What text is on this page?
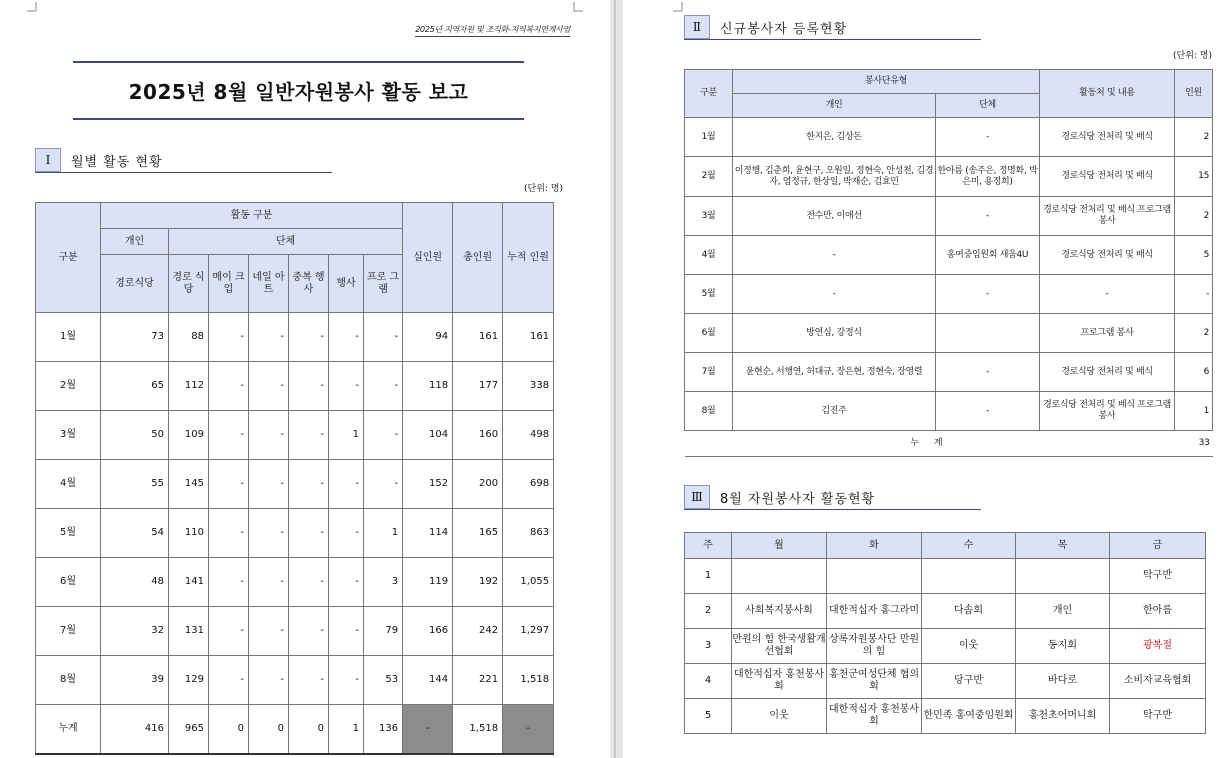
2025년 지역자원 및 조직화-지역복지연계사업
2025년 8월 일반자원봉사 활동 보고
Ⅰ	월별 활동 현황
(단위: 명)
구분	활동 구분							실인원	총인원	누적 인원
	개인	단체								
	경로식당	경로 식당	메이 크업	네일 아트	중복 행사	행사	프로 그램			
1월	73	88	-	-	-	-	-	94	161	161
2월	65	112	-	-	-	-	-	118	177	338
3월	50	109	-	-	-	1	-	104	160	498
4월	55	145	-	-	-	-	-	152	200	698
5월	54	110	-	-	-	-	1	114	165	863
6월	48	141	-	-	-	-	3	119	192	1,055
7월	32	131	-	-	-	-	79	166	242	1,297
8월	39	129	-	-	-	-	53	144	221	1,518
누계	416	965	0	0	0	1	136	-	1,518	-
Ⅱ	신규봉사자 등록현황
(단위: 명)
구분	봉사단유형		활동처 및 내용	인원
	개인	단체		
1월	한지은, 김상돈	-	경로식당 전처리 및 배식	2
2월	이정행, 김춘희, 윤현구, 오원일, 정현숙, 안성천, 김경자, 엄정규, 한상일, 박재순, 김효민	한아름 (송주은, 정명화, 박은미, 용정희)	경로식당 전처리 및 배식	15
3월	전수만, 이애선	-	경로식당 전처리 및 배식 프로그램 봉사	2
4월	-	홍여중임원회 새움4U	경로식당 전처리 및 배식	5
5월	-	-	-	-
6월	방연심, 강정식		프로그램 봉사	2
7월	윤현순, 서행연, 허대규, 장은현, 정현숙, 장영렬	-	경로식당 전처리 및 배식	6
8월	김진주	-	경로식당 전처리 및 배식 프로그램 봉사	1
누 계				33
Ⅲ	8월 자원봉사자 활동현황
주	월	화	수	목	금
1					탁구반
2	사회복지봉사회	대한적십자 홍그라미	다솜회	개인	한아름
3	만원의 힘 한국생활개선협회	상록자원봉사단 만원의 힘	이웃	동지회	광복절
4	대한적십자 홍천봉사회	홍천군여성단체 협의회	당구반	바다로	소비자교육협회
5	이웃	대한적십자 홍천봉사회	한민족 홍여중임원회	홍천초어머니회	탁구반
